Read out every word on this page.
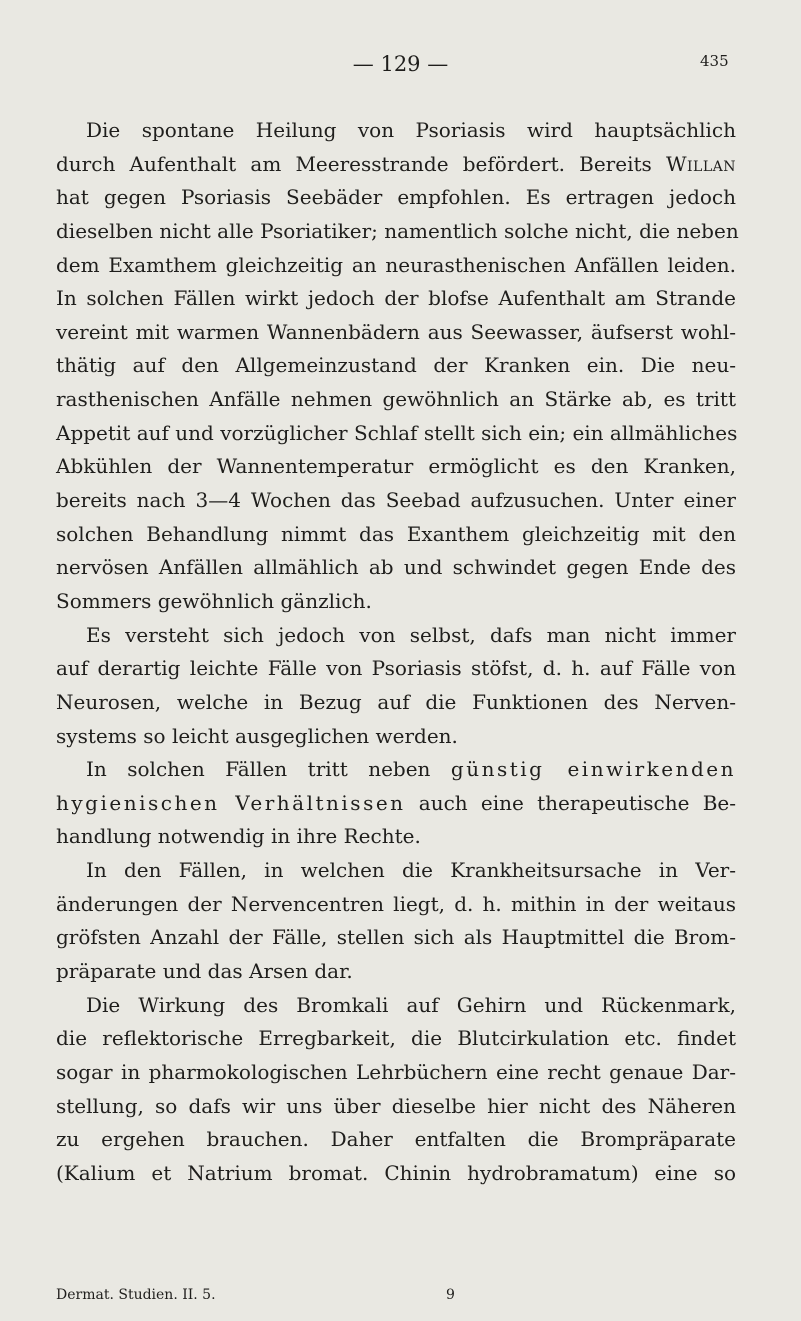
— 129 —	435
Die spontane Heilung von Psoriasis wird hauptsächlich
durch Aufenthalt am Meeresstrande befördert. Bereits Willan
hat gegen Psoriasis Seebäder empfohlen. Es ertragen jedoch
dieselben nicht alle Psoriatiker; namentlich solche nicht, die neben
dem Examthem gleichzeitig an neurasthenischen Anfällen leiden.
In solchen Fällen wirkt jedoch der blofse Aufenthalt am Strande
vereint mit warmen Wannenbädern aus Seewasser, äufserst wohl-
thätig auf den Allgemeinzustand der Kranken ein. Die neu-
rasthenischen Anfälle nehmen gewöhnlich an Stärke ab, es tritt
Appetit auf und vorzüglicher Schlaf stellt sich ein; ein allmähliches
Abkühlen der Wannentemperatur ermöglicht es den Kranken,
bereits nach 3—4 Wochen das Seebad aufzusuchen. Unter einer
solchen Behandlung nimmt das Exanthem gleichzeitig mit den
nervösen Anfällen allmählich ab und schwindet gegen Ende des
Sommers gewöhnlich gänzlich.
Es versteht sich jedoch von selbst, dafs man nicht immer
auf derartig leichte Fälle von Psoriasis stöfst, d. h. auf Fälle von
Neurosen, welche in Bezug auf die Funktionen des Nerven-
systems so leicht ausgeglichen werden.
In solchen Fällen tritt neben günstig einwirkenden
hygienischen Verhältnissen auch eine therapeutische Be-
handlung notwendig in ihre Rechte.
In den Fällen, in welchen die Krankheitsursache in Ver-
änderungen der Nervencentren liegt, d. h. mithin in der weitaus
gröfsten Anzahl der Fälle, stellen sich als Hauptmittel die Brom-
präparate und das Arsen dar.
Die Wirkung des Bromkali auf Gehirn und Rückenmark,
die reflektorische Erregbarkeit, die Blutcirkulation etc. findet
sogar in pharmokologischen Lehrbüchern eine recht genaue Dar-
stellung, so dafs wir uns über dieselbe hier nicht des Näheren
zu ergehen brauchen. Daher entfalten die Brompräparate
(Kalium et Natrium bromat. Chinin hydrobramatum) eine so
Dermat. Studien. II. 5.	9
